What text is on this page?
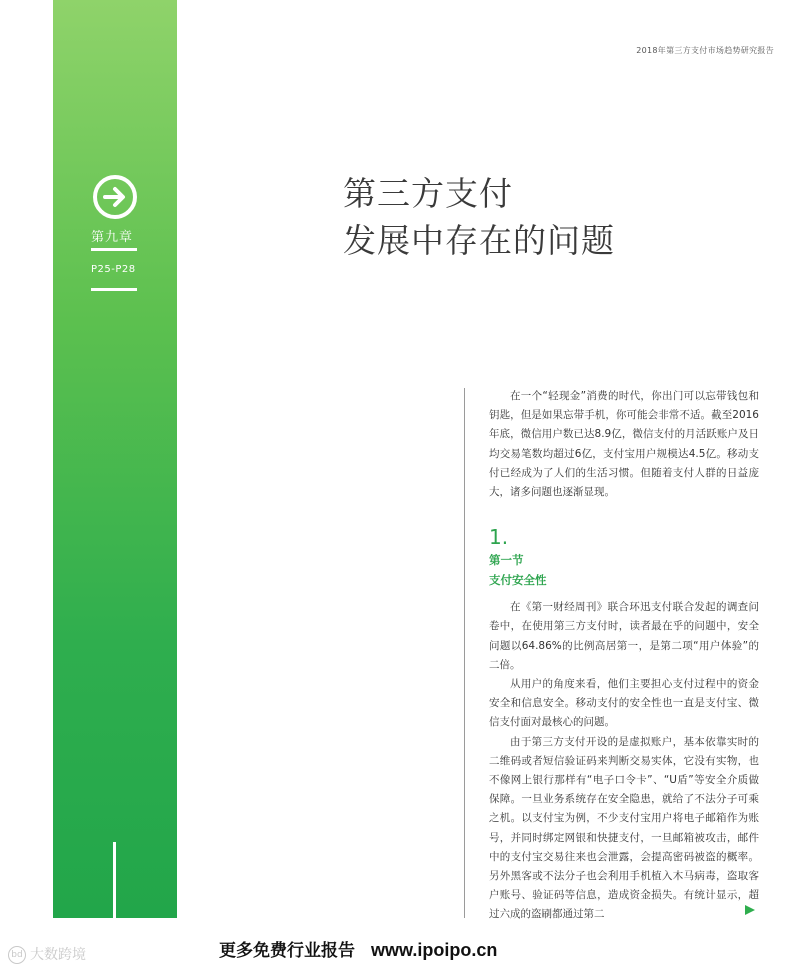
第九章
P25-P28
2018年第三方支付市场趋势研究报告
第三方支付
发展中存在的问题

在一个“轻现金”消费的时代，你出门可以忘带钱包和钥匙，但是如果忘带手机，你可能会非常不适。截至2016年底，微信用户数已达8.9亿，微信支付的月活跃账户及日均交易笔数均超过6亿，支付宝用户规模达4.5亿。移动支付已经成为了人们的生活习惯。但随着支付人群的日益庞大，诸多问题也逐渐显现。

1.
第一节
支付安全性

在《第一财经周刊》联合环迅支付联合发起的调查问卷中，在使用第三方支付时，读者最在乎的问题中，安全问题以64.86%的比例高居第一，是第二项“用户体验”的二倍。

从用户的角度来看，他们主要担心支付过程中的资金安全和信息安全。移动支付的安全性也一直是支付宝、微信支付面对最核心的问题。

由于第三方支付开设的是虚拟账户，基本依靠实时的二维码或者短信验证码来判断交易实体，它没有实物，也不像网上银行那样有“电子口令卡”、“U盾”等安全介质做保障。一旦业务系统存在安全隐患，就给了不法分子可乘之机。以支付宝为例，不少支付宝用户将电子邮箱作为账号，并同时绑定网银和快捷支付，一旦邮箱被攻击，邮件中的支付宝交易往来也会泄露，会提高密码被盗的概率。另外黑客或不法分子也会利用手机植入木马病毒，盗取客户账号、验证码等信息，造成资金损失。有统计显示，超过六成的盗刷都通过第二

更多免费行业报告 www.ipoipo.cn
bd 大数跨境
